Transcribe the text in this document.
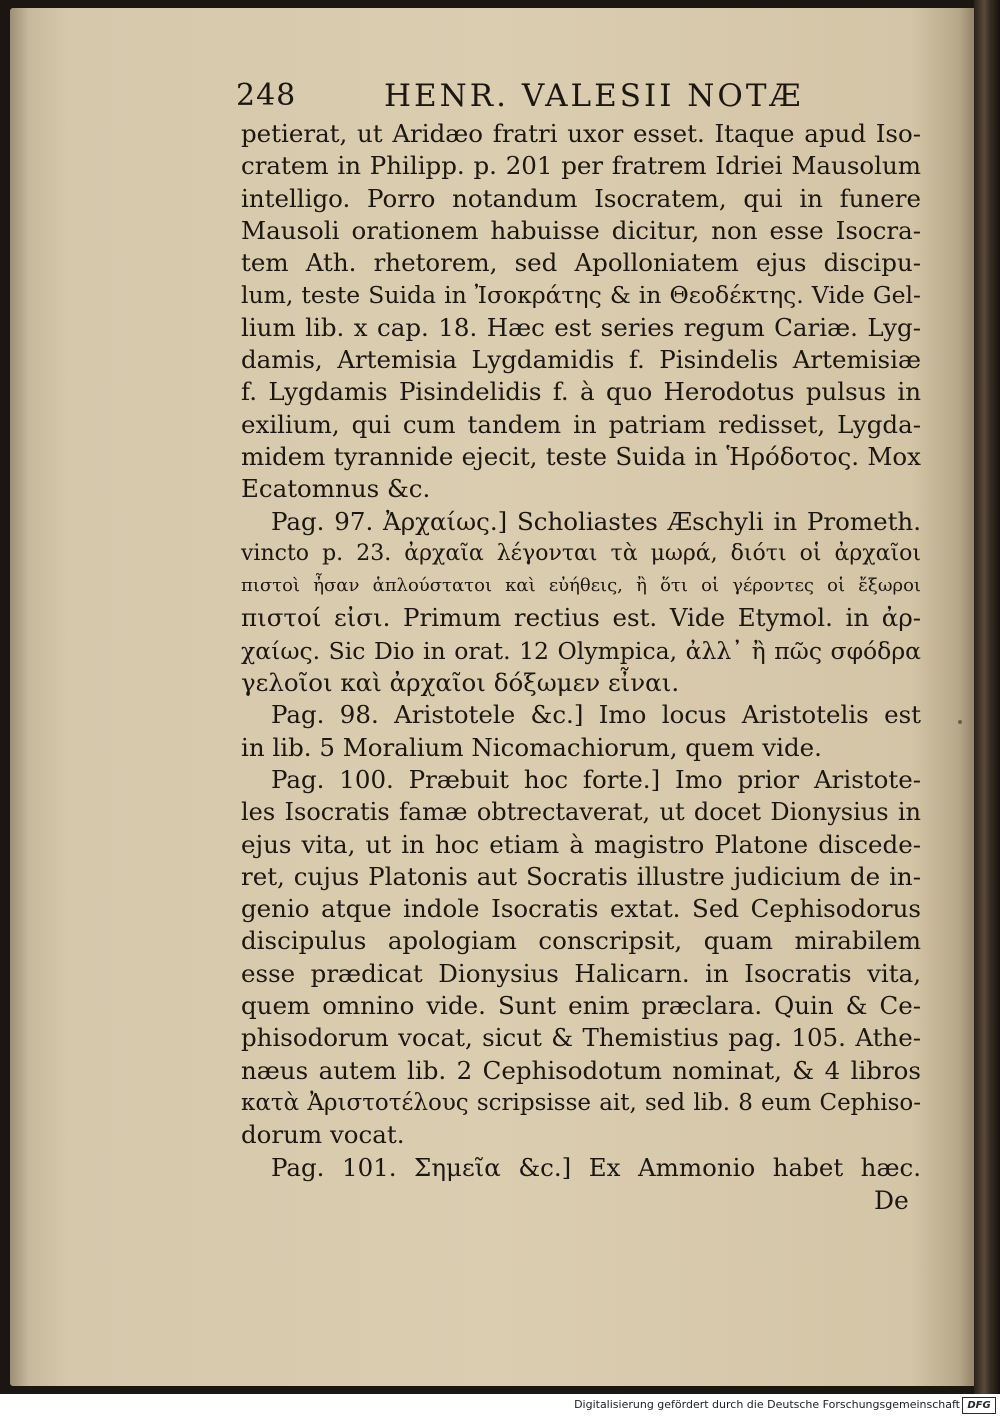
248	HENR. VALESII NOTÆ
petierat, ut Aridæo fratri uxor esset. Itaque apud Iso-
cratem in Philipp. p. 201 per fratrem Idriei Mausolum
intelligo. Porro notandum Isocratem, qui in funere
Mausoli orationem habuisse dicitur, non esse Isocra-
tem Ath. rhetorem, sed Apolloniatem ejus discipu-
lum, teste Suida in Ἰσοκράτης & in Θεοδέκτης. Vide Gel-
lium lib. x cap. 18. Hæc est series regum Cariæ. Lyg-
damis, Artemisia Lygdamidis f. Pisindelis Artemisiæ
f. Lygdamis Pisindelidis f. à quo Herodotus pulsus in
exilium, qui cum tandem in patriam redisset, Lygda-
midem tyrannide ejecit, teste Suida in Ἡρόδοτος. Mox
Ecatomnus &c.
Pag. 97. Ἀρχαίως.] Scholiastes Æschyli in Prometh.
vincto p. 23. ἀρχαῖα λέγονται τὰ μωρά, διότι οἱ ἀρχαῖοι
πιστοὶ ἦσαν ἁπλούστατοι καὶ εὐήθεις, ἢ ὅτι οἱ γέροντες οἱ ἔξωροι
πιστοί εἰσι. Primum rectius est. Vide Etymol. in ἀρ-
χαίως. Sic Dio in orat. 12 Olympica, ἀλλ᾿ ἢ πῶς σφόδρα
γελοῖοι καὶ ἀρχαῖοι δόξωμεν εἶναι.
Pag. 98. Aristotele &c.] Imo locus Aristotelis est
in lib. 5 Moralium Nicomachiorum, quem vide.
Pag. 100. Præbuit hoc forte.] Imo prior Aristote-
les Isocratis famæ obtrectaverat, ut docet Dionysius in
ejus vita, ut in hoc etiam à magistro Platone discede-
ret, cujus Platonis aut Socratis illustre judicium de in-
genio atque indole Isocratis extat. Sed Cephisodorus
discipulus apologiam conscripsit, quam mirabilem
esse prædicat Dionysius Halicarn. in Isocratis vita,
quem omnino vide. Sunt enim præclara. Quin & Ce-
phisodorum vocat, sicut & Themistius pag. 105. Athe-
næus autem lib. 2 Cephisodotum nominat, & 4 libros
κατὰ Ἀριστοτέλους scripsisse ait, sed lib. 8 eum Cephiso-
dorum vocat.
Pag. 101. Σημεῖα &c.] Ex Ammonio habet hæc.
De
Digitalisierung gefördert durch die Deutsche Forschungsgemeinschaft DFG
